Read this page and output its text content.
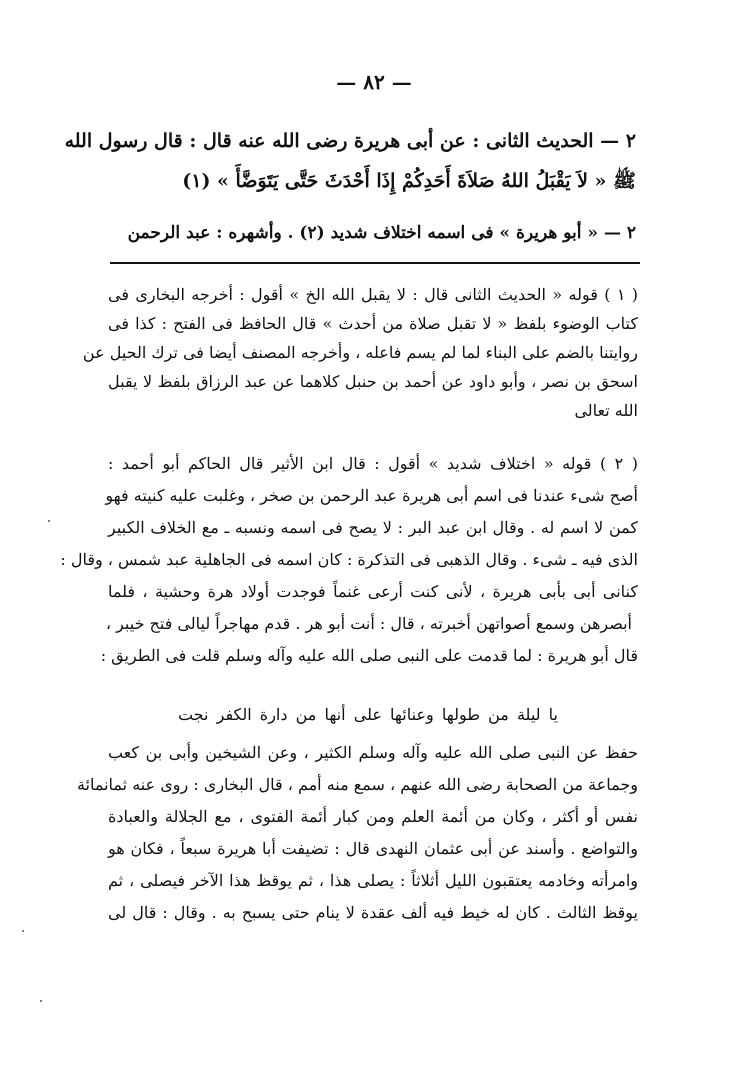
— ٨٢ —
٢ — الحديث الثانى : عن أبى هريرة رضى الله عنه قال : قال رسول الله
ﷺ « لاَ يَقْبَلُ اللهُ صَلاَةَ أَحَدِكُمْ إِذَا أَحْدَثَ حَتَّى يَتَوَضَّأَ » (١)
٢ — « أبو هريرة » فى اسمه اختلاف شديد (٢) . وأشهره : عبد الرحمن
( ١ ) قوله « الحديث الثانى قال : لا يقبل الله الخ » أقول : أخرجه البخارى فى
كتاب الوضوء بلفظ « لا تقبل صلاة من أحدث » قال الحافظ فى الفتح : كذا فى
روايتنا بالضم على البناء لما لم يسم فاعله ، وأخرجه المصنف أيضا فى ترك الحيل عن
اسحق بن نصر ، وأبو داود عن أحمد بن حنبل كلاهما عن عبد الرزاق بلفظ لا يقبل
الله تعالى
( ٢ ) قوله « اختلاف شديد » أقول : قال ابن الأثير قال الحاكم أبو أحمد :
أصح شىء عندنا فى اسم أبى هريرة عبد الرحمن بن صخر ، وغلبت عليه كنيته فهو
كمن لا اسم له . وقال ابن عبد البر : لا يصح فى اسمه ونسبه ـ مع الخلاف الكبير
الذى فيه ـ شىء . وقال الذهبى فى التذكرة : كان اسمه فى الجاهلية عبد شمس ، وقال :
كنانى أبى بأبى هريرة ، لأنى كنت أرعى غنماً فوجدت أولاد هرة وحشية ، فلما
أبصرهن وسمع أصواتهن أخبرته ، قال : أنت أبو هر . قدم مهاجراً ليالى فتح خيبر ،
قال أبو هريرة : لما قدمت على النبى صلى الله عليه وآله وسلم قلت فى الطريق :
يا ليلة من طولها وعنائها على أنها من دارة الكفر نجت
حفظ عن النبى صلى الله عليه وآله وسلم الكثير ، وعن الشيخين وأبى بن كعب
وجماعة من الصحابة رضى الله عنهم ، سمع منه أمم ، قال البخارى : روى عنه ثمانمائة
نفس أو أكثر ، وكان من أئمة العلم ومن كبار أئمة الفتوى ، مع الجلالة والعبادة
والتواضع . وأسند عن أبى عثمان النهدى قال : تضيفت أبا هريرة سبعاً ، فكان هو
وامرأته وخادمه يعتقبون الليل أثلاثاً : يصلى هذا ، ثم يوقظ هذا الآخر فيصلى ، ثم
يوقظ الثالث . كان له خيط فيه ألف عقدة لا ينام حتى يسبح به . وقال : قال لى
